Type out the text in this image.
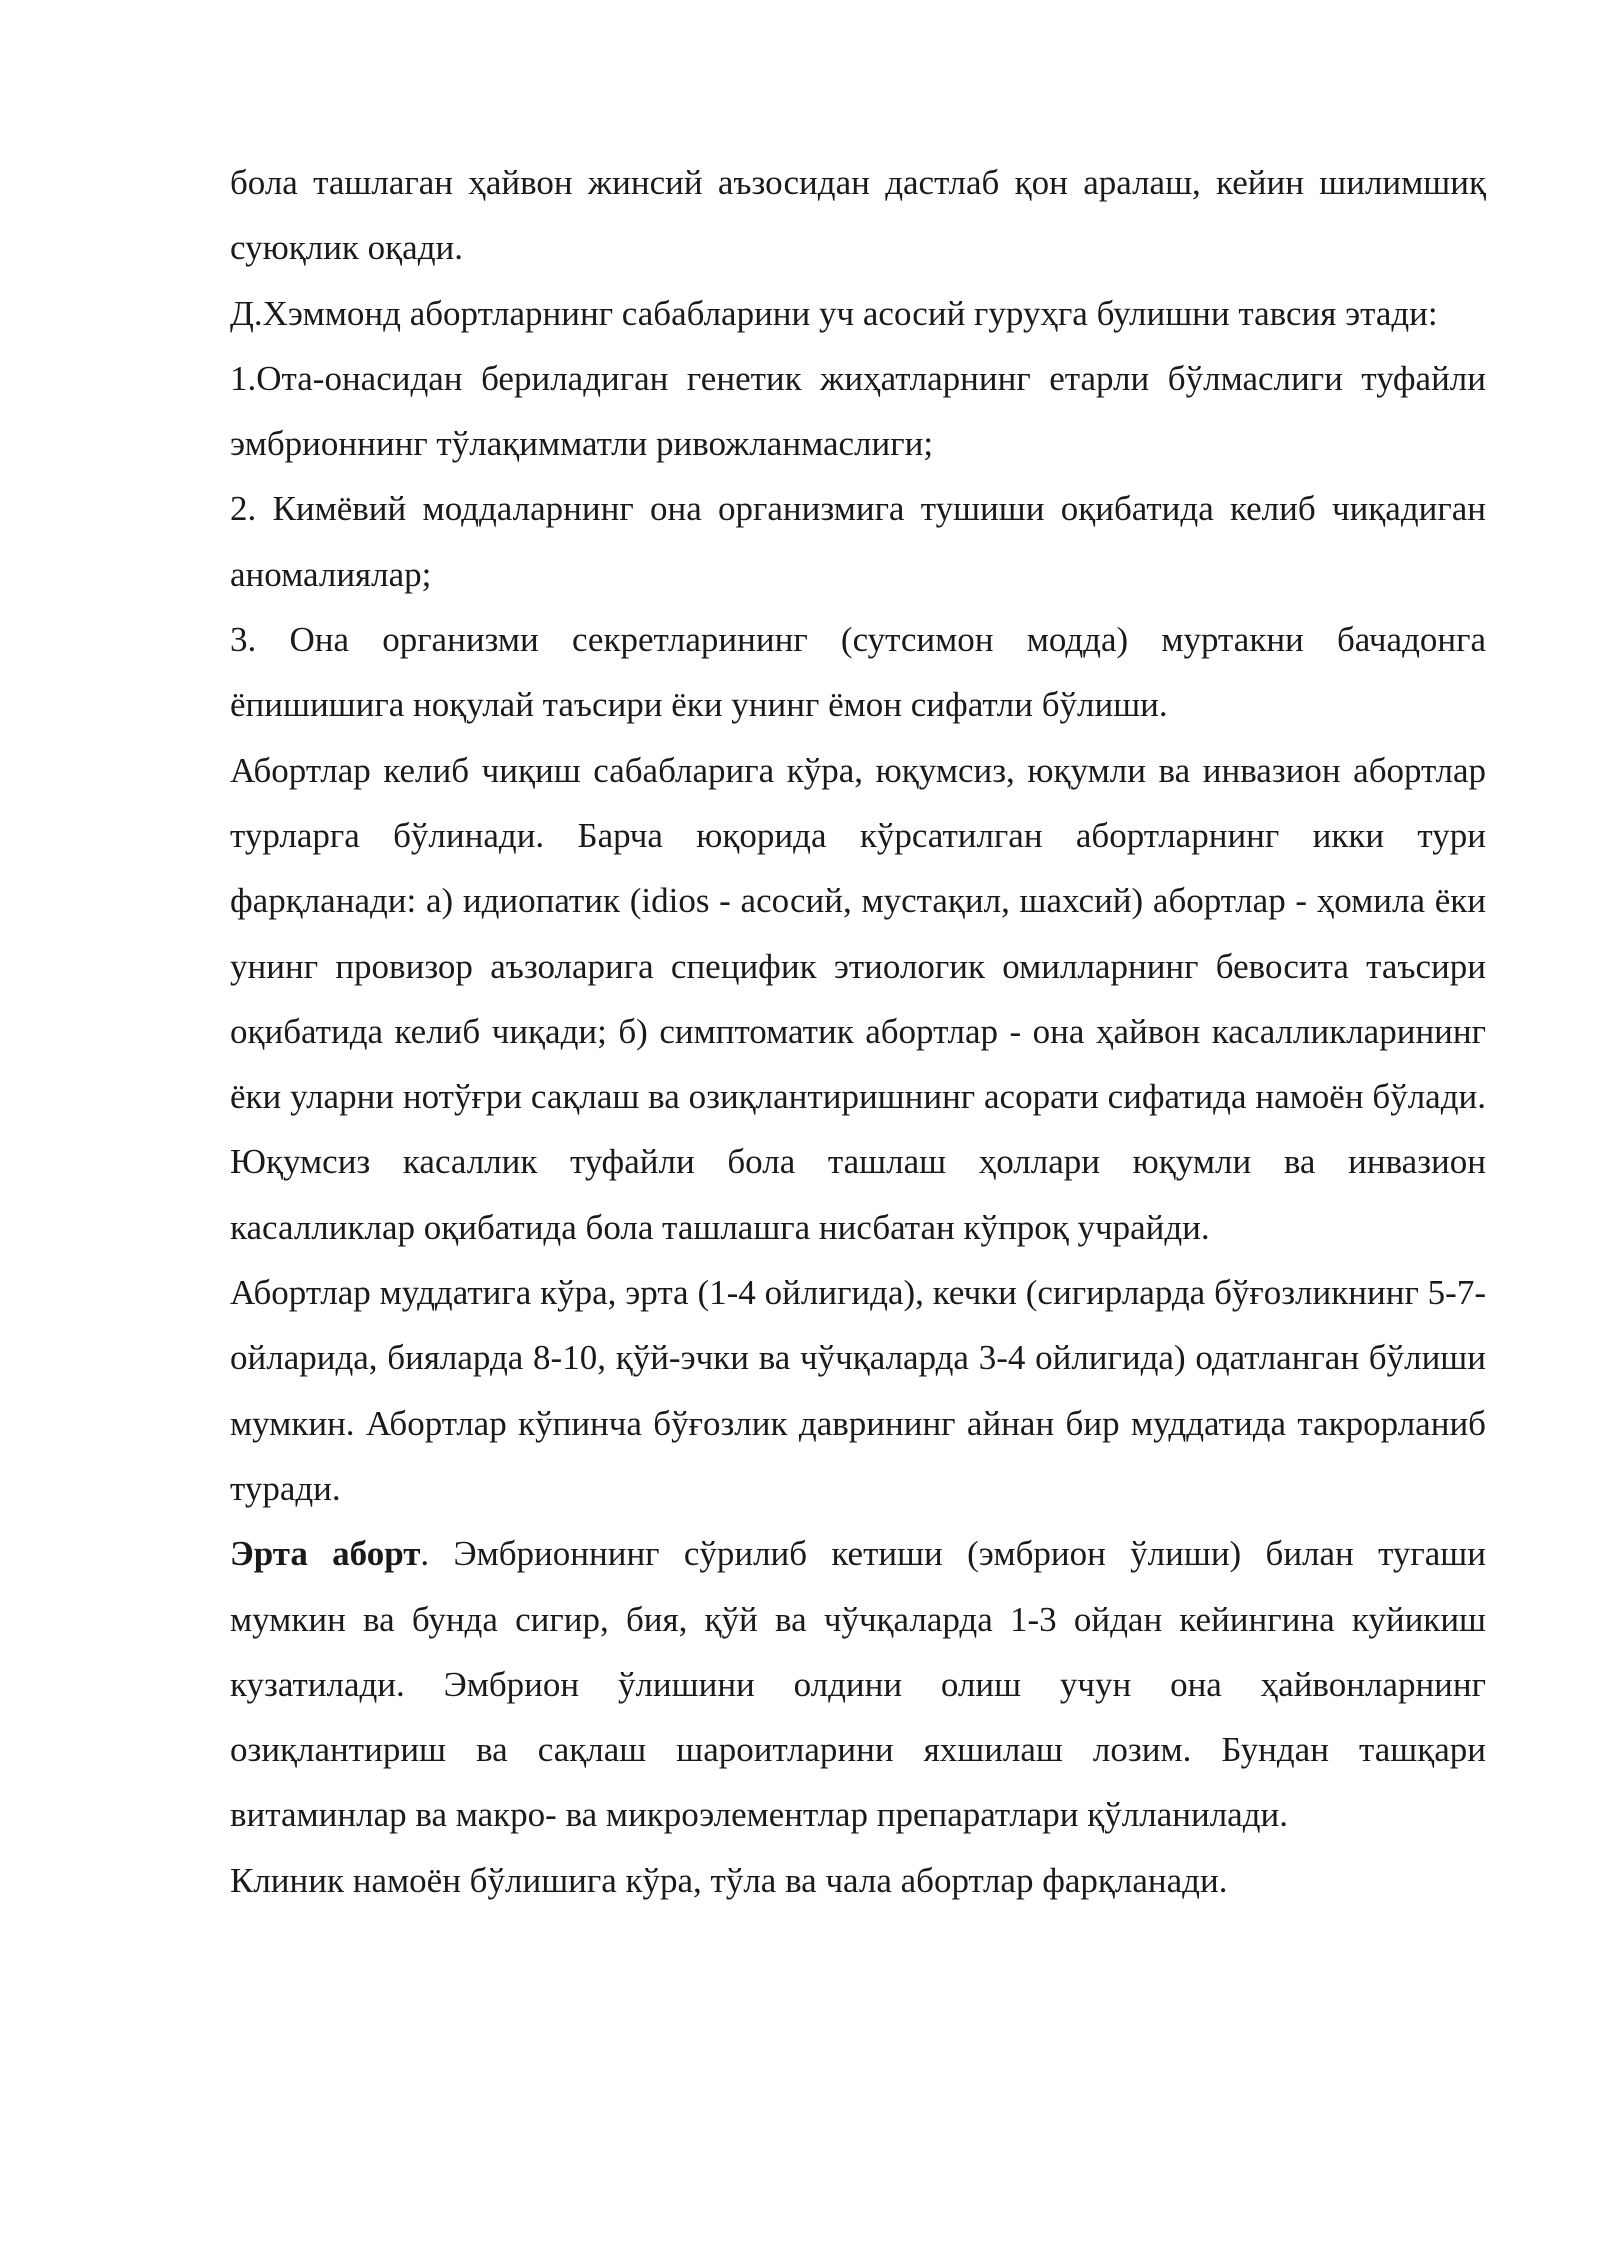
бола ташлаган ҳайвон жинсий аъзосидан дастлаб қон аралаш, кейин шилимшиқ суюқлик оқади.

Д.Хэммонд абортларнинг сабабларини уч асосий гуруҳга булишни тавсия этади:

1.Ота-онасидан бериладиган генетик жиҳатларнинг етарли бўлмаслиги туфайли эмбрионнинг тўлақимматли ривожланмаслиги;

2. Кимёвий моддаларнинг она организмига тушиши оқибатида келиб чиқадиган аномалиялар;

3. Она организми секретларининг (сутсимон модда) муртакни бачадонга ёпишишига ноқулай таъсири ёки унинг ёмон сифатли бўлиши.

Абортлар келиб чиқиш сабабларига кўра, юқумсиз, юқумли ва инвазион абортлар турларга бўлинади. Барча юқорида кўрсатилган абортларнинг икки тури фарқланади: а) идиопатик (idios - асосий, мустақил, шахсий) абортлар - ҳомила ёки унинг провизор аъзоларига специфик этиологик омилларнинг бевосита таъсири оқибатида келиб чиқади; б) симптоматик абортлар - она ҳайвон касалликларининг ёки уларни нотўғри сақлаш ва озиқлантиришнинг асорати сифатида намоён бўлади. Юқумсиз касаллик туфайли бола ташлаш ҳоллари юқумли ва инвазион касалликлар оқибатида бола ташлашга нисбатан кўпроқ учрайди.

Абортлар муддатига кўра, эрта (1-4 ойлигида), кечки (сигирларда бўғозликнинг 5-7- ойларида, бияларда 8-10, қўй-эчки ва чўчқаларда 3-4 ойлигида) одатланган бўлиши мумкин. Абортлар кўпинча бўғозлик даврининг айнан бир муддатида такрорланиб туради.

Эрта аборт. Эмбрионнинг сўрилиб кетиши (эмбрион ўлиши) билан тугаши мумкин ва бунда сигир, бия, қўй ва чўчқаларда 1-3 ойдан кейингина куйикиш кузатилади. Эмбрион ўлишини олдини олиш учун она ҳайвонларнинг озиқлантириш ва сақлаш шароитларини яхшилаш лозим. Бундан ташқари витаминлар ва макро- ва микроэлементлар препаратлари қўлланилади.

Клиник намоён бўлишига кўра, тўла ва чала абортлар фарқланади.
